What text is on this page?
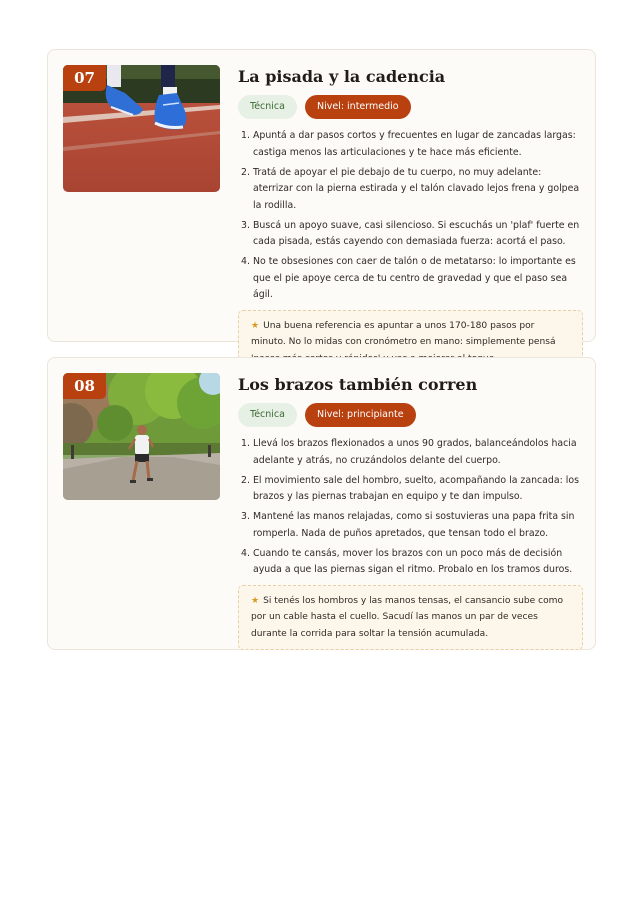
07	La pisada y la cadencia
Técnica	Nivel: intermedio
1. Apuntá a dar pasos cortos y frecuentes en lugar de zancadas largas: castiga menos las articulaciones y te hace más eficiente.
2. Tratá de apoyar el pie debajo de tu cuerpo, no muy adelante: aterrizar con la pierna estirada y el talón clavado lejos frena y golpea la rodilla.
3. Buscá un apoyo suave, casi silencioso. Si escuchás un 'plaf' fuerte en cada pisada, estás cayendo con demasiada fuerza: acortá el paso.
4. No te obsesiones con caer de talón o de metatarso: lo importante es que el pie apoye cerca de tu centro de gravedad y que el paso sea ágil.
★ Una buena referencia es apuntar a unos 170-180 pasos por minuto. No lo midas con cronómetro en mano: simplemente pensá
08	Los brazos también corren
Técnica	Nivel: principiante
1. Llevá los brazos flexionados a unos 90 grados, balanceándolos hacia adelante y atrás, no cruzándolos delante del cuerpo.
2. El movimiento sale del hombro, suelto, acompañando la zancada: los brazos y las piernas trabajan en equipo y te dan impulso.
3. Mantené las manos relajadas, como si sostuvieras una papa frita sin romperla. Nada de puños apretados, que tensan todo el brazo.
4. Cuando te cansás, mover los brazos con un poco más de decisión ayuda a que las piernas sigan el ritmo. Probalo en los tramos duros.
★ Si tenés los hombros y las manos tensas, el cansancio sube como por un cable hasta el cuello. Sacudí las manos un par de veces durante la corrida para soltar la tensión acumulada.
